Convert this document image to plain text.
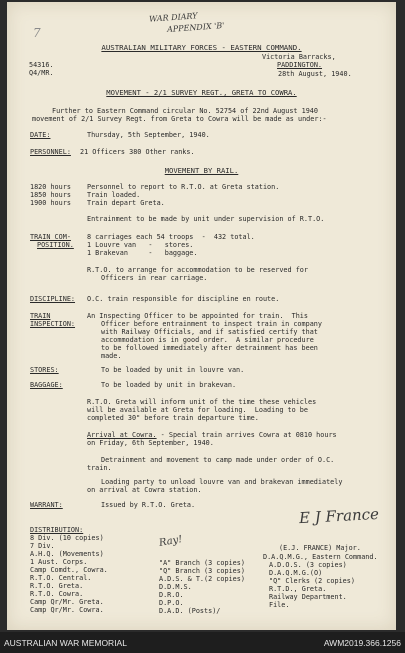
WAR DIARY
APPENDIX 'B'
7
AUSTRALIAN MILITARY FORCES - EASTERN COMMAND.
Victoria Barracks,
54316.	PADDINGTON.
Q4/MR.	28th August, 1940.
MOVEMENT - 2/1 SURVEY REGT., GRETA TO COWRA.
Further to Eastern Command circular No. 52754 of 22nd August 1940
movement of 2/1 Survey Regt. from Greta to Cowra will be made as under:-
DATE:	Thursday, 5th September, 1940.
PERSONNEL: 21 Officers 380 Other ranks.
MOVEMENT BY RAIL.
1820 hours Personnel to report to R.T.O. at Greta station.
1850 hours Train loaded.
1900 hours Train depart Greta.
Entrainment to be made by unit under supervision of R.T.O.
TRAIN COM-
POSITION.
8 carriages each 54 troops  -  432 total.
1 Louvre van   -   stores.
1 Brakevan     -   baggage.
R.T.O. to arrange for accommodation to be reserved for
Officers in rear carriage.
DISCIPLINE: O.C. train responsible for discipline en route.
TRAIN
INSPECTION:
An Inspecting Officer to be appointed for train.  This
Officer before entrainment to inspect train in company
with Railway Officials, and if satisfied certify that
accommodation is in good order.  A similar procedure
to be followed immediately after detrainment has been
made.
STORES:	To be loaded by unit in louvre van.
BAGGAGE:	To be loaded by unit in brakevan.
R.T.O. Greta will inform unit of the time these vehicles
will be available at Greta for loading.  Loading to be
completed 30" before train departure time.
Arrival at Cowra. - Special train arrives Cowra at 0810 hours
on Friday, 6th September, 1940.
Detrainment and movement to camp made under order of O.C.
train.
Loading party to unload louvre van and brakevan immediately
on arrival at Cowra station.
WARRANT:	Issued by R.T.O. Greta.	E J France
Ray!
DISTRIBUTION:
8 Div. (10 copies)
7 Div.
A.H.Q. (Movements)
1 Aust. Corps.
Camp Comdt., Cowra.
R.T.O. Central.
R.T.O. Greta.
R.T.O. Cowra.
Camp Qr/Mr. Greta.
Camp Qr/Mr. Cowra.
"A" Branch (3 copies)
"Q" Branch (3 copies)
A.D.S. & T.(2 copies)
D.D.M.S.
D.R.O.
D.P.O.
D.A.D. (Posts)/
(E.J. FRANCE) Major.
D.A.Q.M.G., Eastern Command.
A.D.O.S. (3 copies)
D.A.Q.M.G.(O)
"Q" Clerks (2 copies)
R.T.D., Greta.
Railway Department.
File.
AUSTRALIAN WAR MEMORIAL	AWM2019.366.1256
